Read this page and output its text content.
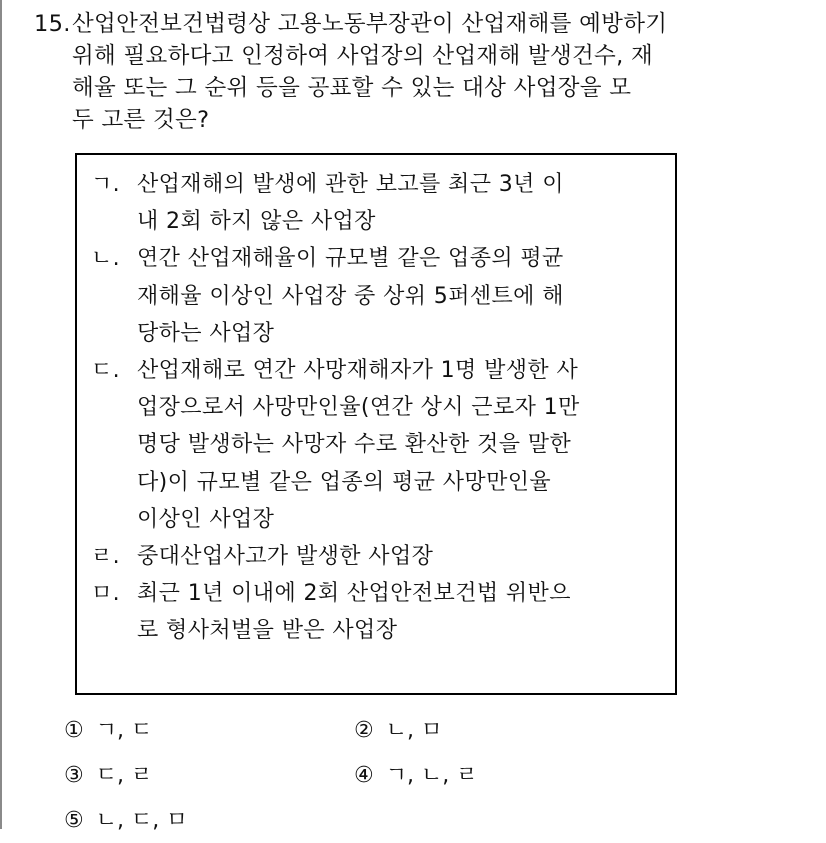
15. 산업안전보건법령상 고용노동부장관이 산업재해를 예방하기
위해 필요하다고 인정하여 사업장의 산업재해 발생건수, 재
해율 또는 그 순위 등을 공표할 수 있는 대상 사업장을 모
두 고른 것은?
ㄱ. 산업재해의 발생에 관한 보고를 최근 3년 이
내 2회 하지 않은 사업장
ㄴ. 연간 산업재해율이 규모별 같은 업종의 평균
재해율 이상인 사업장 중 상위 5퍼센트에 해
당하는 사업장
ㄷ. 산업재해로 연간 사망재해자가 1명 발생한 사
업장으로서 사망만인율(연간 상시 근로자 1만
명당 발생하는 사망자 수로 환산한 것을 말한
다)이 규모별 같은 업종의 평균 사망만인율
이상인 사업장
ㄹ. 중대산업사고가 발생한 사업장
ㅁ. 최근 1년 이내에 2회 산업안전보건법 위반으
로 형사처벌을 받은 사업장
① ㄱ, ㄷ	② ㄴ, ㅁ
③ ㄷ, ㄹ	④ ㄱ, ㄴ, ㄹ
⑤ ㄴ, ㄷ, ㅁ
